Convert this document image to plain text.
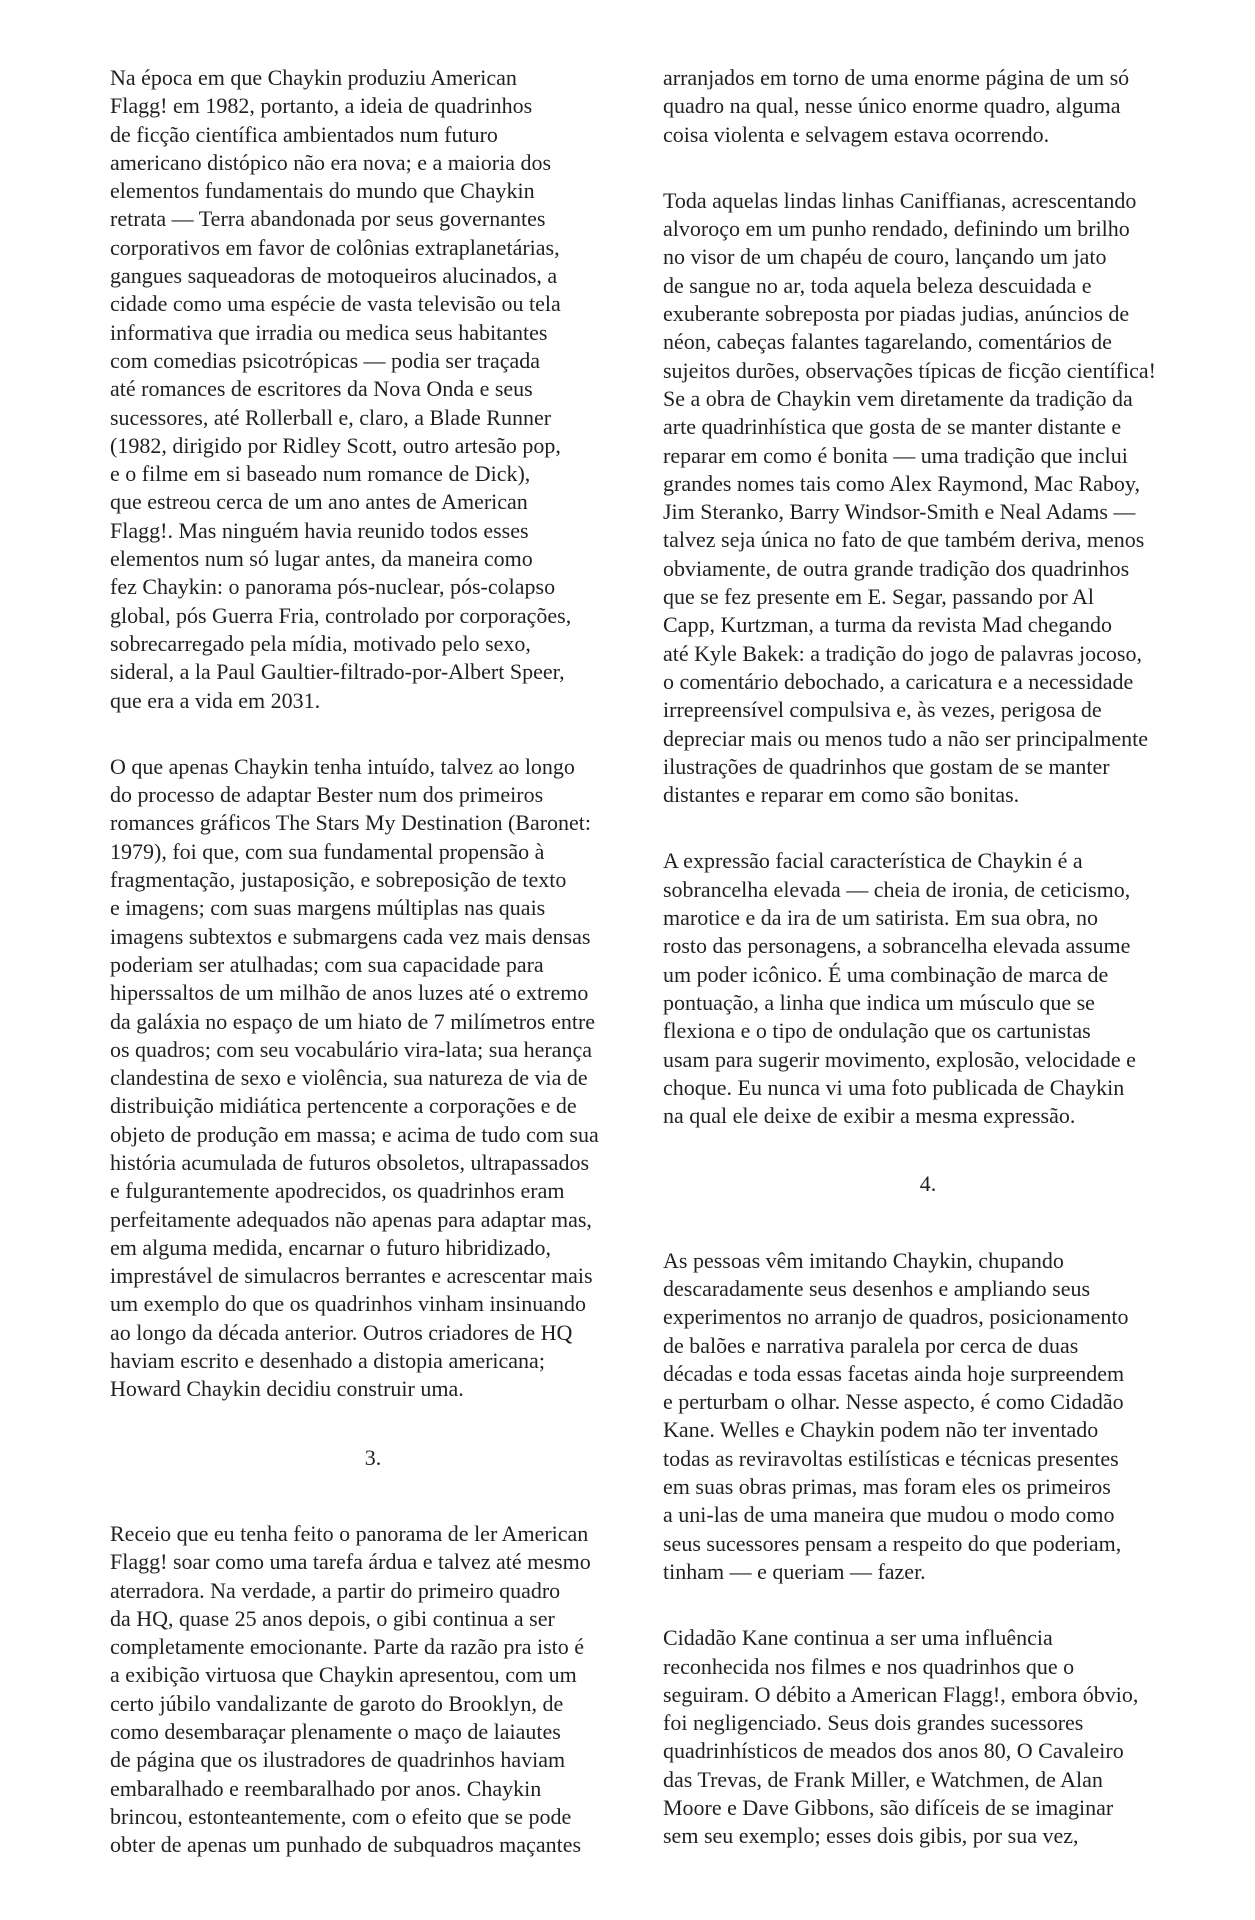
Na época em que Chaykin produziu American
Flagg! em 1982, portanto, a ideia de quadrinhos
de ficção científica ambientados num futuro
americano distópico não era nova; e a maioria dos
elementos fundamentais do mundo que Chaykin
retrata — Terra abandonada por seus governantes
corporativos em favor de colônias extraplanetárias,
gangues saqueadoras de motoqueiros alucinados, a
cidade como uma espécie de vasta televisão ou tela
informativa que irradia ou medica seus habitantes
com comedias psicotrópicas — podia ser traçada
até romances de escritores da Nova Onda e seus
sucessores, até Rollerball e, claro, a Blade Runner
(1982, dirigido por Ridley Scott, outro artesão pop,
e o filme em si baseado num romance de Dick),
que estreou cerca de um ano antes de American
Flagg!. Mas ninguém havia reunido todos esses
elementos num só lugar antes, da maneira como
fez Chaykin: o panorama pós-nuclear, pós-colapso
global, pós Guerra Fria, controlado por corporações,
sobrecarregado pela mídia, motivado pelo sexo,
sideral, a la Paul Gaultier-filtrado-por-Albert Speer,
que era a vida em 2031.

O que apenas Chaykin tenha intuído, talvez ao longo
do processo de adaptar Bester num dos primeiros
romances gráficos The Stars My Destination (Baronet:
1979), foi que, com sua fundamental propensão à
fragmentação, justaposição, e sobreposição de texto
e imagens; com suas margens múltiplas nas quais
imagens subtextos e submargens cada vez mais densas
poderiam ser atulhadas; com sua capacidade para
hiperssaltos de um milhão de anos luzes até o extremo
da galáxia no espaço de um hiato de 7 milímetros entre
os quadros; com seu vocabulário vira-lata; sua herança
clandestina de sexo e violência, sua natureza de via de
distribuição midiática pertencente a corporações e de
objeto de produção em massa; e acima de tudo com sua
história acumulada de futuros obsoletos, ultrapassados
e fulgurantemente apodrecidos, os quadrinhos eram
perfeitamente adequados não apenas para adaptar mas,
em alguma medida, encarnar o futuro hibridizado,
imprestável de simulacros berrantes e acrescentar mais
um exemplo do que os quadrinhos vinham insinuando
ao longo da década anterior. Outros criadores de HQ
haviam escrito e desenhado a distopia americana;
Howard Chaykin decidiu construir uma.

3.

Receio que eu tenha feito o panorama de ler American
Flagg! soar como uma tarefa árdua e talvez até mesmo
aterradora. Na verdade, a partir do primeiro quadro
da HQ, quase 25 anos depois, o gibi continua a ser
completamente emocionante. Parte da razão pra isto é
a exibição virtuosa que Chaykin apresentou, com um
certo júbilo vandalizante de garoto do Brooklyn, de
como desembaraçar plenamente o maço de laiautes
de página que os ilustradores de quadrinhos haviam
embaralhado e reembaralhado por anos. Chaykin
brincou, estonteantemente, com o efeito que se pode
obter de apenas um punhado de subquadros maçantes

arranjados em torno de uma enorme página de um só
quadro na qual, nesse único enorme quadro, alguma
coisa violenta e selvagem estava ocorrendo.

Toda aquelas lindas linhas Caniffianas, acrescentando
alvoroço em um punho rendado, definindo um brilho
no visor de um chapéu de couro, lançando um jato
de sangue no ar, toda aquela beleza descuidada e
exuberante sobreposta por piadas judias, anúncios de
néon, cabeças falantes tagarelando, comentários de
sujeitos durões, observações típicas de ficção científica!
Se a obra de Chaykin vem diretamente da tradição da
arte quadrinhística que gosta de se manter distante e
reparar em como é bonita — uma tradição que inclui
grandes nomes tais como Alex Raymond, Mac Raboy,
Jim Steranko, Barry Windsor-Smith e Neal Adams —
talvez seja única no fato de que também deriva, menos
obviamente, de outra grande tradição dos quadrinhos
que se fez presente em E. Segar, passando por Al
Capp, Kurtzman, a turma da revista Mad chegando
até Kyle Bakek: a tradição do jogo de palavras jocoso,
o comentário debochado, a caricatura e a necessidade
irrepreensível compulsiva e, às vezes, perigosa de
depreciar mais ou menos tudo a não ser principalmente
ilustrações de quadrinhos que gostam de se manter
distantes e reparar em como são bonitas.

A expressão facial característica de Chaykin é a
sobrancelha elevada — cheia de ironia, de ceticismo,
marotice e da ira de um satirista. Em sua obra, no
rosto das personagens, a sobrancelha elevada assume
um poder icônico. É uma combinação de marca de
pontuação, a linha que indica um músculo que se
flexiona e o tipo de ondulação que os cartunistas
usam para sugerir movimento, explosão, velocidade e
choque. Eu nunca vi uma foto publicada de Chaykin
na qual ele deixe de exibir a mesma expressão.

4.

As pessoas vêm imitando Chaykin, chupando
descaradamente seus desenhos e ampliando seus
experimentos no arranjo de quadros, posicionamento
de balões e narrativa paralela por cerca de duas
décadas e toda essas facetas ainda hoje surpreendem
e perturbam o olhar. Nesse aspecto, é como Cidadão
Kane. Welles e Chaykin podem não ter inventado
todas as reviravoltas estilísticas e técnicas presentes
em suas obras primas, mas foram eles os primeiros
a uni-las de uma maneira que mudou o modo como
seus sucessores pensam a respeito do que poderiam,
tinham — e queriam — fazer.

Cidadão Kane continua a ser uma influência
reconhecida nos filmes e nos quadrinhos que o
seguiram. O débito a American Flagg!, embora óbvio,
foi negligenciado. Seus dois grandes sucessores
quadrinhísticos de meados dos anos 80, O Cavaleiro
das Trevas, de Frank Miller, e Watchmen, de Alan
Moore e Dave Gibbons, são difíceis de se imaginar
sem seu exemplo; esses dois gibis, por sua vez,
